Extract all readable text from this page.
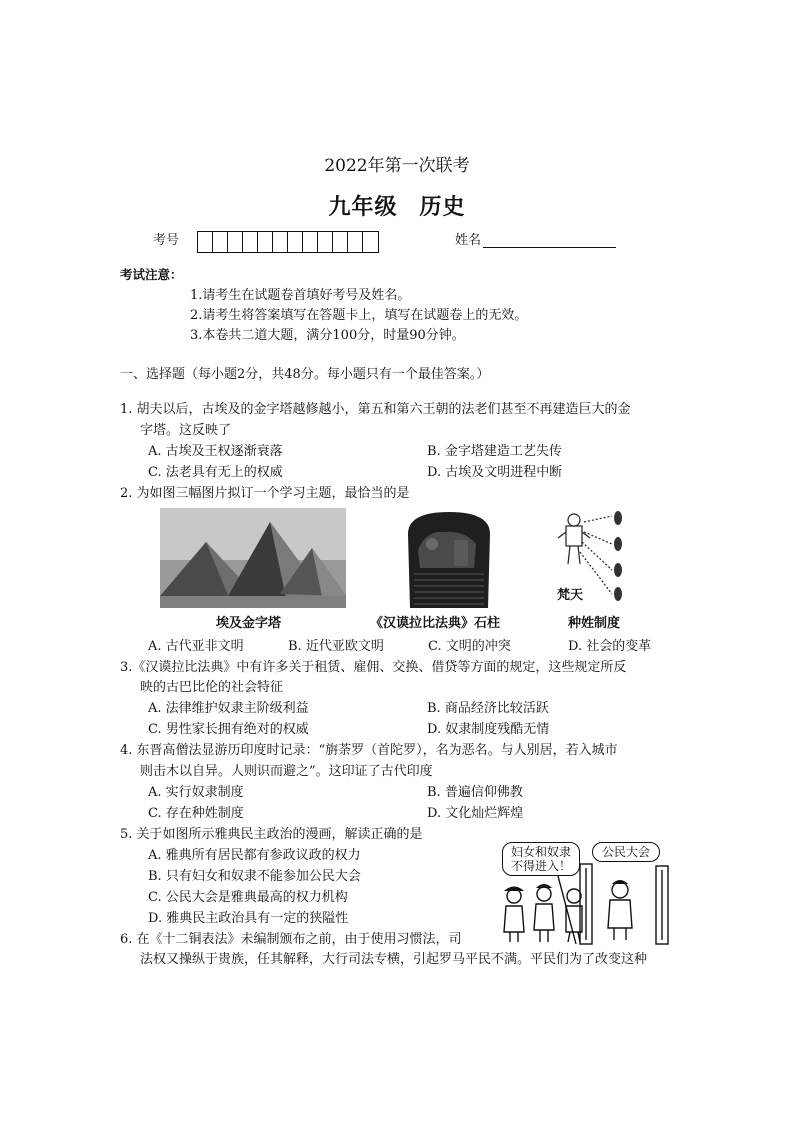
2022年第一次联考
九年级 历史
考号	姓名
考试注意：
1.请考生在试题卷首填好考号及姓名。
2.请考生将答案填写在答题卡上，填写在试题卷上的无效。
3.本卷共二道大题，满分100分，时量90分钟。
一、选择题（每小题2分，共48分。每小题只有一个最佳答案。）
1. 胡夫以后，古埃及的金字塔越修越小，第五和第六王朝的法老们甚至不再建造巨大的金
字塔。这反映了
A. 古埃及王权逐渐衰落	B. 金字塔建造工艺失传
C. 法老具有无上的权威	D. 古埃及文明进程中断
2. 为如图三幅图片拟订一个学习主题，最恰当的是
梵天
埃及金字塔	《汉谟拉比法典》石柱	种姓制度
A. 古代亚非文明	B. 近代亚欧文明	C. 文明的冲突	D. 社会的变革
3.《汉谟拉比法典》中有许多关于租赁、雇佣、交换、借贷等方面的规定，这些规定所反
映的古巴比伦的社会特征
A. 法律维护奴隶主阶级利益	B. 商品经济比较活跃
C. 男性家长拥有绝对的权威	D. 奴隶制度残酷无情
4. 东晋高僧法显游历印度时记录：“旃荼罗（首陀罗），名为恶名。与人别居，若入城市
则击木以自异。人则识而避之”。这印证了古代印度
A. 实行奴隶制度	B. 普遍信仰佛教
C. 存在种姓制度	D. 文化灿烂辉煌
5. 关于如图所示雅典民主政治的漫画，解读正确的是
A. 雅典所有居民都有参政议政的权力
B. 只有妇女和奴隶不能参加公民大会
C. 公民大会是雅典最高的权力机构
D. 雅典民主政治具有一定的狭隘性
妇女和奴隶
不得进入！
公民大会
6. 在《十二铜表法》未编制颁布之前，由于使用习惯法，司
法权又操纵于贵族，任其解释，大行司法专横，引起罗马平民不满。平民们为了改变这种
